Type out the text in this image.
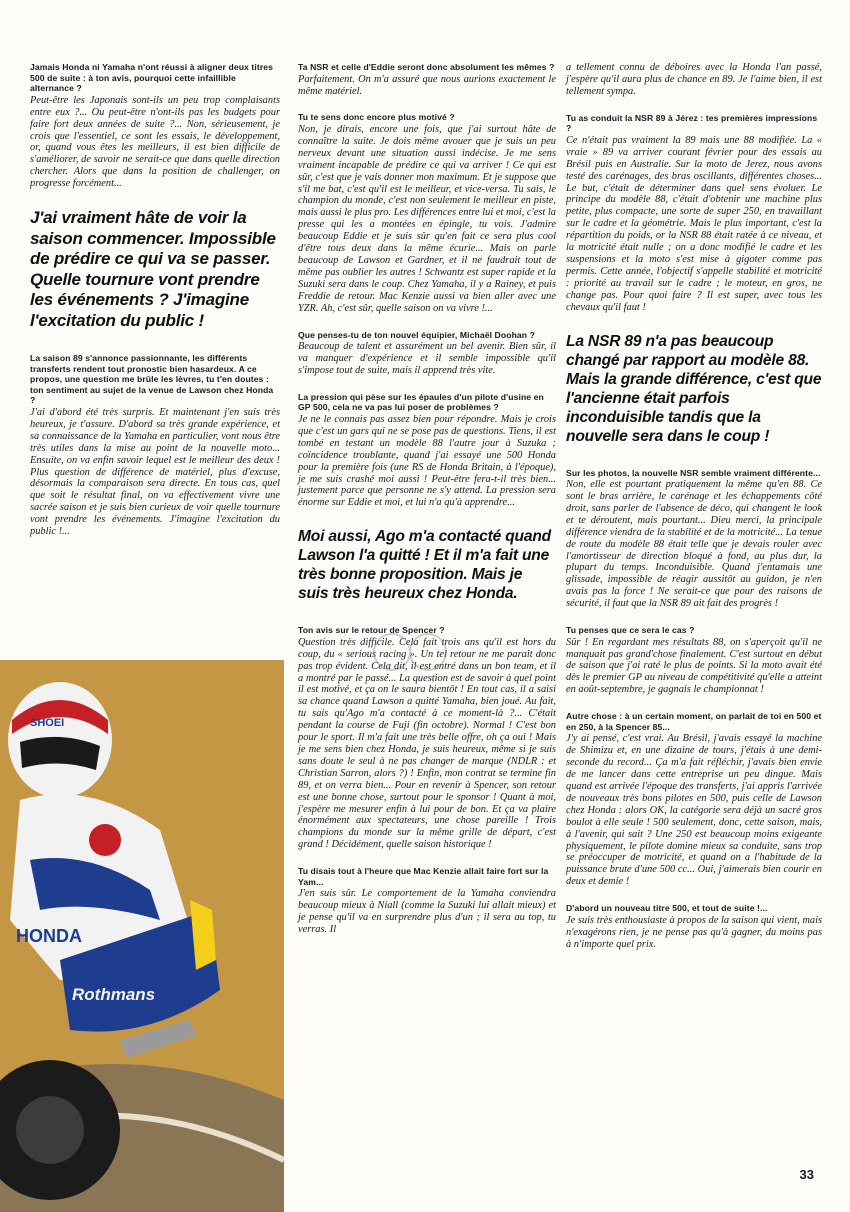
Jamais Honda ni Yamaha n'ont réussi à aligner deux titres 500 de suite : à ton avis, pourquoi cette infaillible alternance ?

Peut-être les Japonais sont-ils un peu trop complaisants entre eux ?... Ou peut-être n'ont-ils pas les budgets pour faire fort deux années de suite ?... Non, sérieusement, je crois que l'essentiel, ce sont les essais, le développement, or, quand vous êtes les meilleurs, il est bien difficile de s'améliorer, de savoir ne serait-ce que dans quelle direction chercher. Alors que dans la position de challenger, on progresse forcément...

J'ai vraiment hâte de voir la saison commencer. Impossible de prédire ce qui va se passer. Quelle tournure vont prendre les événements ? J'imagine l'excitation du public !

La saison 89 s'annonce passionnante, les différents transferts rendent tout pronostic bien hasardeux. A ce propos, une question me brûle les lèvres, tu t'en doutes : ton sentiment au sujet de la venue de Lawson chez Honda ?

J'ai d'abord été très surpris. Et maintenant j'en suis très heureux, je t'assure. D'abord sa très grande expérience, et sa connaissance de la Yamaha en particulier, vont nous être très utiles dans la mise au point de la nouvelle moto... Ensuite, on va enfin savoir lequel est le meilleur des deux ! Plus question de différence de matériel, plus d'excuse, désormais la comparaison sera directe. En tous cas, quel que soit le résultat final, on va effectivement vivre une sacrée saison et je suis bien curieux de voir quelle tournure vont prendre les événements. J'imagine l'excitation du public !...

Ta NSR et celle d'Eddie seront donc absolument les mêmes ?

Parfaitement. On m'a assuré que nous aurions exactement le même matériel.

Tu te sens donc encore plus motivé ?

Non, je dirais, encore une fois, que j'ai surtout hâte de connaître la suite. Je dois même avouer que je suis un peu nerveux devant une situation aussi indécise. Je me sens vraiment incapable de prédire ce qui va arriver ! Ce qui est sûr, c'est que je vais donner mon maximum. Et je suppose que s'il me bat, c'est qu'il est le meilleur, et vice-versa. Tu sais, le champion du monde, c'est non seulement le meilleur en piste, mais aussi le plus pro. Les différences entre lui et moi, c'est la presse qui les a montées en épingle, tu vois. J'admire beaucoup Eddie et je suis sûr qu'en fait ce sera plus cool d'être tous deux dans la même écurie... Mais on parle beaucoup de Lawson et Gardner, et il ne faudrait tout de même pas oublier les autres ! Schwantz est super rapide et la Suzuki sera dans le coup. Chez Yamaha, il y a Rainey, et puis Freddie de retour. Mac Kenzie aussi va bien aller avec une YZR. Ah, c'est sûr, quelle saison on va vivre !...

Que penses-tu de ton nouvel équipier, Michaël Doohan ?

Beaucoup de talent et assurément un bel avenir. Bien sûr, il va manquer d'expérience et il semble impossible qu'il s'impose tout de suite, mais il apprend très vite.

La pression qui pèse sur les épaules d'un pilote d'usine en GP 500, cela ne va pas lui poser de problèmes ?

Je ne le connais pas assez bien pour répondre. Mais je crois que c'est un gars qui ne se pose pas de questions. Tiens, il est tombé en testant un modèle 88 l'autre jour à Suzuka ; coïncidence troublante, quand j'ai essayé une 500 Honda pour la première fois (une RS de Honda Britain, à l'époque), je me suis crashé moi aussi ! Peut-être fera-t-il très bien... justement parce que personne ne s'y attend. La pression sera énorme sur Eddie et moi, et lui n'a qu'à apprendre...

Moi aussi, Ago m'a contacté quand Lawson l'a quitté ! Et il m'a fait une très bonne proposition. Mais je suis très heureux chez Honda.

Ton avis sur le retour de Spencer ?

Question très difficile. Cela fait trois ans qu'il est hors du coup, du « serious racing ». Un tel retour ne me paraît donc pas trop évident. Cela dit, il est entré dans un bon team, et il a montré par le passé... La question est de savoir à quel point il est motivé, et ça on le saura bientôt ! En tout cas, il a saisi sa chance quand Lawson a quitté Yamaha, bien joué. Au fait, tu sais qu'Ago m'a contacté à ce moment-là ?... C'était pendant la course de Fuji (fin octobre). Normal ! C'est bon pour le sport. Il m'a fait une très belle offre, oh ça oui ! Mais je me sens bien chez Honda, je suis heureux, même si je suis sans doute le seul à ne pas changer de marque (NDLR : et Christian Sarron, alors ?) ! Enfin, mon contrat se termine fin 89, et on verra bien... Pour en revenir à Spencer, son retour est une bonne chose, surtout pour le sponsor ! Quant à moi, j'espère me mesurer enfin à lui pour de bon. Et ça va plaire énormément aux spectateurs, une chose pareille ! Trois champions du monde sur la même grille de départ, c'est grand ! Décidément, quelle saison historique !

Tu disais tout à l'heure que Mac Kenzie allait faire fort sur la Yam...

J'en suis sûr. Le comportement de la Yamaha conviendra beaucoup mieux à Niall (comme la Suzuki lui allait mieux) et je pense qu'il va en surprendre plus d'un ; il sera au top, tu verras. Il

a tellement connu de déboires avec la Honda l'an passé, j'espère qu'il aura plus de chance en 89. Je l'aime bien, il est tellement sympa.

Tu as conduit la NSR 89 à Jérez : tes premières impressions ?

Ce n'était pas vraiment la 89 mais une 88 modifiée. La « vraie » 89 va arriver courant février pour des essais au Brésil puis en Australie. Sur la moto de Jerez, nous avons testé des carénages, des bras oscillants, différentes choses... Le but, c'était de déterminer dans quel sens évoluer. Le principe du modèle 88, c'était d'obtenir une machine plus petite, plus compacte, une sorte de super 250, en travaillant sur le cadre et la géométrie. Mais le plus important, c'est la répartition du poids, or la NSR 88 était ratée à ce niveau, et la motricité était nulle ; on a donc modifié le cadre et les suspensions et la moto s'est mise à gigoter comme pas permis. Cette année, l'objectif s'appelle stabilité et motricité : priorité au travail sur le cadre ; le moteur, en gros, ne change pas. Pour quoi faire ? Il est super, avec tous les chevaux qu'il faut !

La NSR 89 n'a pas beaucoup changé par rapport au modèle 88. Mais la grande différence, c'est que l'ancienne était parfois inconduisible tandis que la nouvelle sera dans le coup !

Sur les photos, la nouvelle NSR semble vraiment différente...

Non, elle est pourtant pratiquement la même qu'en 88. Ce sont le bras arrière, le carénage et les échappements côté droit, sans parler de l'absence de déco, qui changent le look et te déroutent, mais pourtant... Dieu merci, la principale différence viendra de la stabilité et de la motricité... La tenue de route du modèle 88 était telle que je devais rouler avec l'amortisseur de direction bloqué à fond, au plus dur, la plupart du temps. Inconduisible. Quand j'entamais une glissade, impossible de réagir aussitôt au guidon, je n'en avais pas la force ! Ne serait-ce que pour des raisons de sécurité, il faut que la NSR 89 ait fait des progrès !

Tu penses que ce sera le cas ?

Sûr ! En regardant mes résultats 88, on s'aperçoit qu'il ne manquait pas grand'chose finalement. C'est surtout en début de saison que j'ai raté le plus de points. Si la moto avait été dès le premier GP au niveau de compétitivité qu'elle a atteint en août-septembre, je gagnais le championnat !

Autre chose : à un certain moment, on parlait de toi en 500 et en 250, à la Spencer 85...

J'y ai pensé, c'est vrai. Au Brésil, j'avais essayé la machine de Shimizu et, en une dizaine de tours, j'étais à une demi-seconde du record... Ça m'a fait réfléchir, j'avais bien envie de me lancer dans cette entreprise un peu dingue. Mais quand est arrivée l'époque des transferts, j'ai appris l'arrivée de nouveaux très bons pilotes en 500, puis celle de Lawson chez Honda : alors OK, la catégorie sera déjà un sacré gros boulot à elle seule ! 500 seulement, donc, cette saison, mais, à l'avenir, qui sait ? Une 250 est beaucoup moins exigeante physiquement, le pilote domine mieux sa conduite, sans trop se préoccuper de motricité, et quand on a l'habitude de la puissance brute d'une 500 cc... Oui, j'aimerais bien courir en deux et demie !

D'abord un nouveau titre 500, et tout de suite !...

Je suis très enthousiaste à propos de la saison qui vient, mais n'exagérons rien, je ne pense pas qu'à gagner, du moins pas à n'importe quel prix.

SHOEI
HONDA
Rothmans
33
